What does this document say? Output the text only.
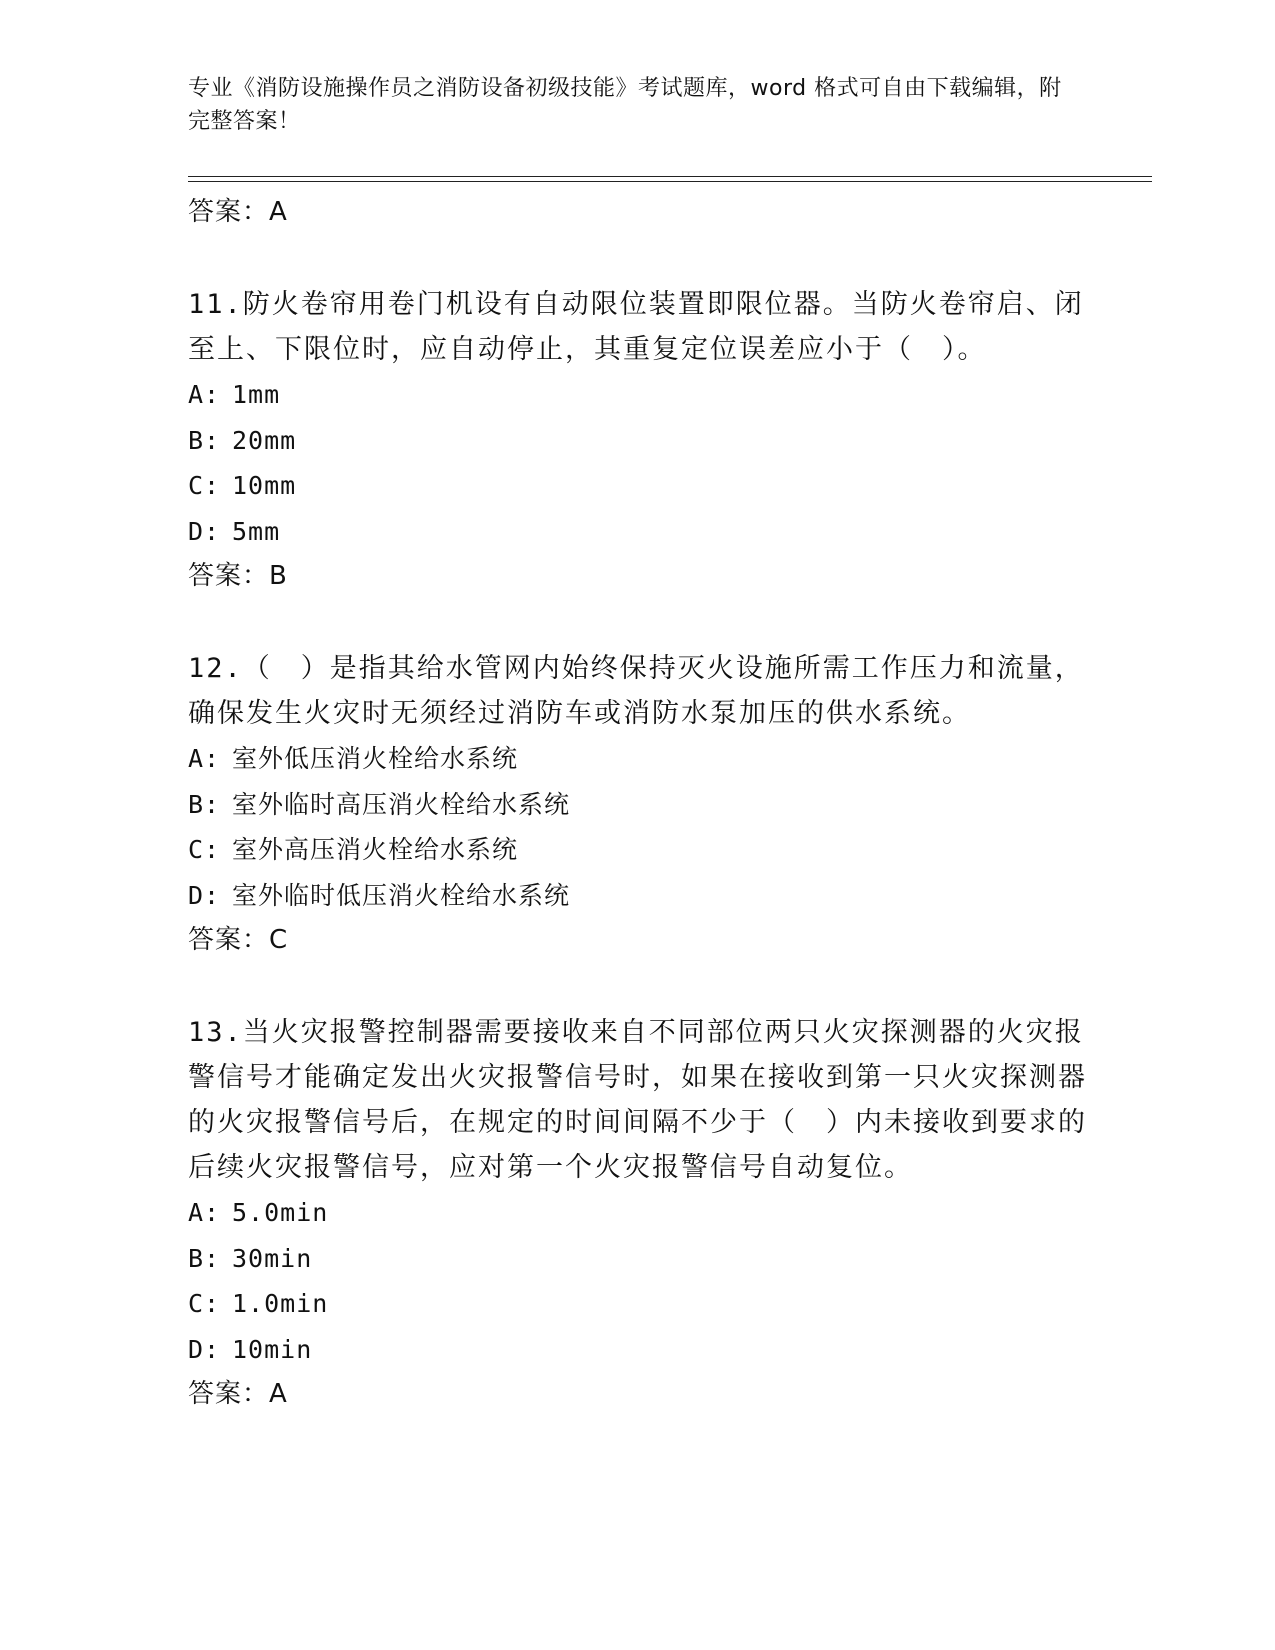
专业《消防设施操作员之消防设备初级技能》考试题库，word 格式可自由下载编辑，附完整答案！
答案：A
11.防火卷帘用卷门机设有自动限位装置即限位器。当防火卷帘启、闭至上、下限位时，应自动停止，其重复定位误差应小于（　）。
A: 1mm
B: 20mm
C: 10mm
D: 5mm
答案：B
12.（　）是指其给水管网内始终保持灭火设施所需工作压力和流量，确保发生火灾时无须经过消防车或消防水泵加压的供水系统。
A: 室外低压消火栓给水系统
B: 室外临时高压消火栓给水系统
C: 室外高压消火栓给水系统
D: 室外临时低压消火栓给水系统
答案：C
13.当火灾报警控制器需要接收来自不同部位两只火灾探测器的火灾报警信号才能确定发出火灾报警信号时，如果在接收到第一只火灾探测器的火灾报警信号后，在规定的时间间隔不少于（　）内未接收到要求的后续火灾报警信号，应对第一个火灾报警信号自动复位。
A: 5.0min
B: 30min
C: 1.0min
D: 10min
答案：A
